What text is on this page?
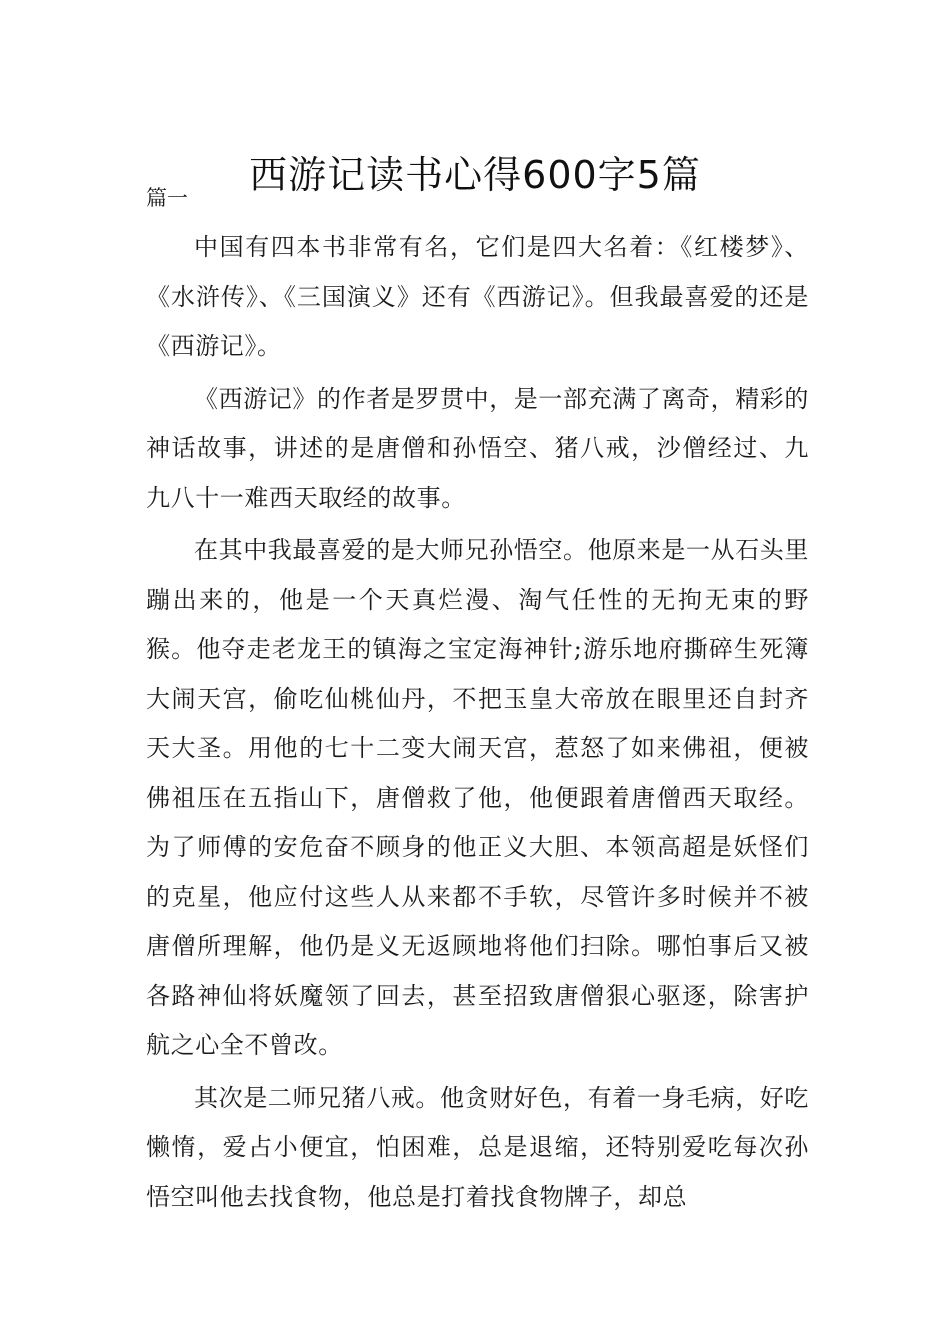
西游记读书心得600字5篇
篇一

中国有四本书非常有名，它们是四大名着：《红楼梦》、《水浒传》、《三国演义》还有《西游记》。但我最喜爱的还是《西游记》。

《西游记》的作者是罗贯中，是一部充满了离奇，精彩的神话故事，讲述的是唐僧和孙悟空、猪八戒，沙僧经过、九九八十一难西天取经的故事。

在其中我最喜爱的是大师兄孙悟空。他原来是一从石头里蹦出来的，他是一个天真烂漫、淘气任性的无拘无束的野猴。他夺走老龙王的镇海之宝定海神针;游乐地府撕碎生死簿大闹天宫，偷吃仙桃仙丹，不把玉皇大帝放在眼里还自封齐天大圣。用他的七十二变大闹天宫，惹怒了如来佛祖，便被佛祖压在五指山下，唐僧救了他，他便跟着唐僧西天取经。为了师傅的安危奋不顾身的他正义大胆、本领高超是妖怪们的克星，他应付这些人从来都不手软，尽管许多时候并不被唐僧所理解，他仍是义无返顾地将他们扫除。哪怕事后又被各路神仙将妖魔领了回去，甚至招致唐僧狠心驱逐，除害护航之心全不曾改。

其次是二师兄猪八戒。他贪财好色，有着一身毛病，好吃懒惰，爱占小便宜，怕困难，总是退缩，还特别爱吃每次孙悟空叫他去找食物，他总是打着找食物牌子，却总
